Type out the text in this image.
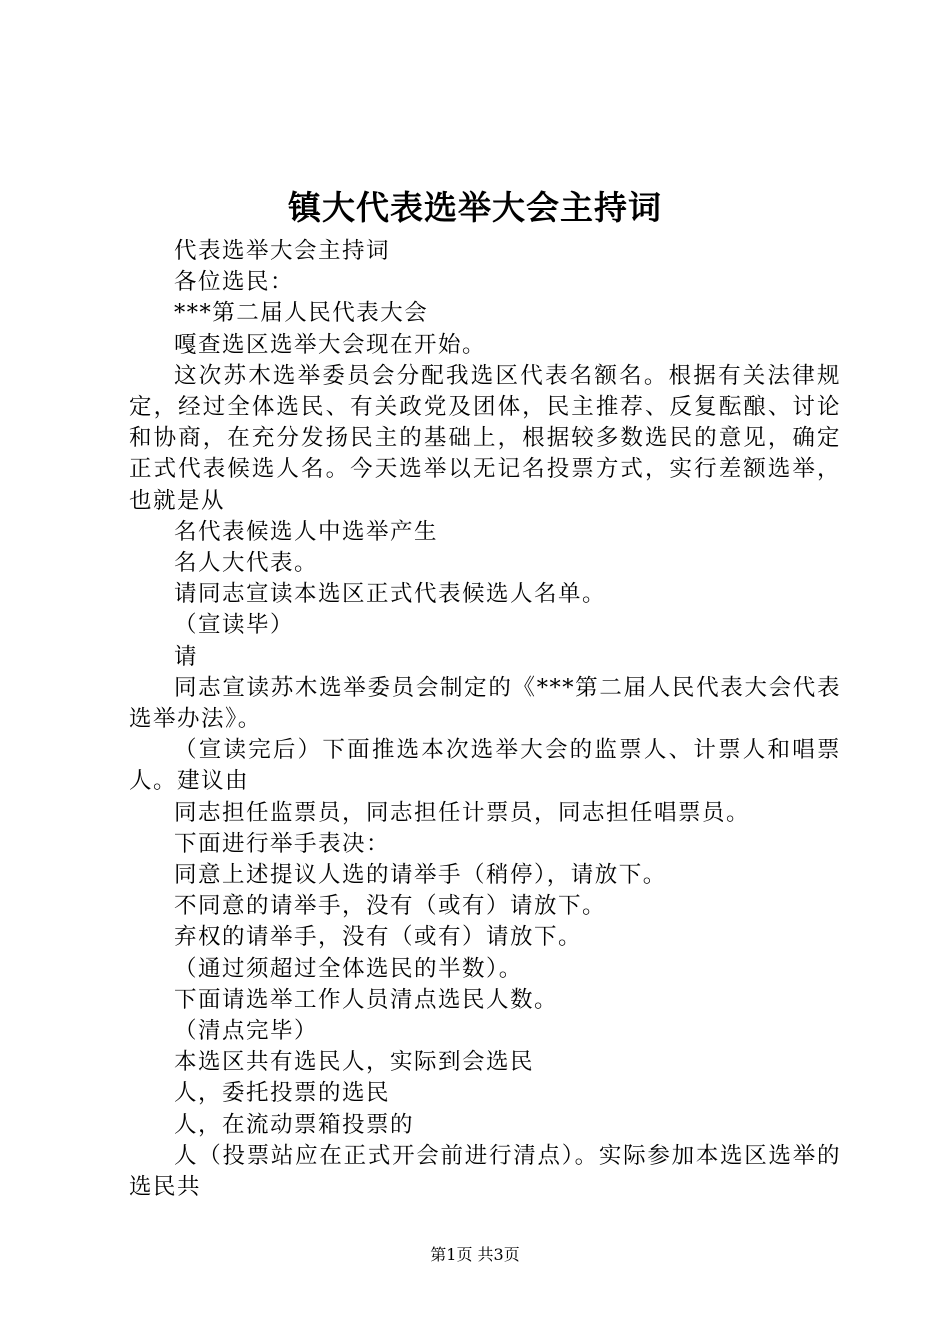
镇大代表选举大会主持词

代表选举大会主持词

各位选民：

***第二届人民代表大会

嘎查选区选举大会现在开始。

这次苏木选举委员会分配我选区代表名额名。根据有关法律规定，经过全体选民、有关政党及团体，民主推荐、反复酝酿、讨论和协商，在充分发扬民主的基础上，根据较多数选民的意见，确定正式代表候选人名。今天选举以无记名投票方式，实行差额选举，也就是从

名代表候选人中选举产生

名人大代表。

请同志宣读本选区正式代表候选人名单。

（宣读毕）

请

同志宣读苏木选举委员会制定的《***第二届人民代表大会代表选举办法》。

（宣读完后）下面推选本次选举大会的监票人、计票人和唱票人。建议由

同志担任监票员，同志担任计票员，同志担任唱票员。

下面进行举手表决：

同意上述提议人选的请举手（稍停），请放下。

不同意的请举手，没有（或有）请放下。

弃权的请举手，没有（或有）请放下。

（通过须超过全体选民的半数）。

下面请选举工作人员清点选民人数。

（清点完毕）

本选区共有选民人，实际到会选民

人，委托投票的选民

人，在流动票箱投票的

人（投票站应在正式开会前进行清点）。实际参加本选区选举的选民共

第1页 共3页
